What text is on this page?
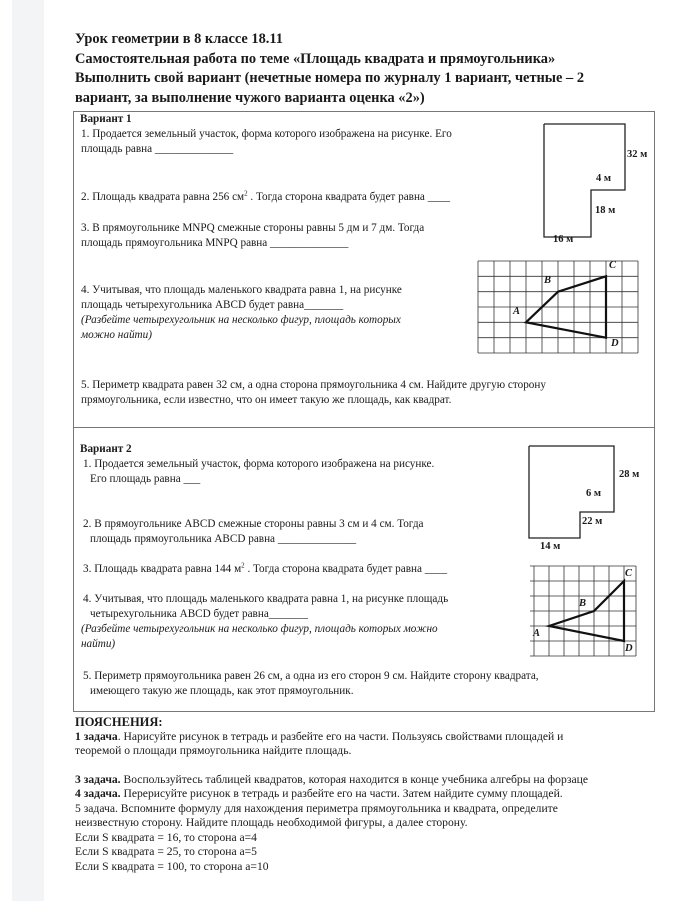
Урок геометрии в 8 классе 18.11
Самостоятельная работа по теме «Площадь квадрата и прямоугольника»
Выполнить свой вариант (нечетные номера по журналу 1 вариант, четные – 2
вариант, за выполнение чужого варианта оценка «2»)
Вариант 1
1. Продается земельный участок, форма которого изображена на рисунке. Его
площадь равна ______________
2. Площадь квадрата равна 256 $см^2$ . Тогда сторона квадрата будет равна ____
3. В прямоугольнике MNPQ смежные стороны равны 5 дм и 7 дм. Тогда
площадь прямоугольника MNPQ равна ______________
4. Учитывая, что площадь маленького квадрата равна 1, на рисунке
площадь четырехугольника ABCD будет равна_______
(Разбейте четырехугольник на несколько фигур, площадь которых
можно найти)
5. Периметр квадрата равен 32 см, а одна сторона прямоугольника 4 см. Найдите другую сторону
прямоугольника, если известно, что он имеет такую же площадь, как квадрат.
32 м
4 м
18 м
16 м
C
B
A
D
Вариант 2
1. Продается земельный участок, форма которого изображена на рисунке.
Его площадь равна ___
2. В прямоугольнике ABCD смежные стороны равны 3 см и 4 см. Тогда
площадь прямоугольника ABCD равна ______________
3. Площадь квадрата равна 144 $м^2$ . Тогда сторона квадрата будет равна ____
4. Учитывая, что площадь маленького квадрата равна 1, на рисунке площадь
четырехугольника ABCD будет равна_______
(Разбейте четырехугольник на несколько фигур, площадь которых можно
найти)
5. Периметр прямоугольника равен 26 см, а одна из его сторон 9 см. Найдите сторону квадрата,
имеющего такую же площадь, как этот прямоугольник.
28 м
6 м
22 м
14 м
C
B
A
D
ПОЯСНЕНИЯ:
1 задача. Нарисуйте рисунок в тетрадь и разбейте его на части. Пользуясь свойствами площадей и
теоремой о площади прямоугольника найдите площадь.
3 задача. Воспользуйтесь таблицей квадратов, которая находится в конце учебника алгебры на форзаце
4 задача. Перерисуйте рисунок в тетрадь и разбейте его на части. Затем найдите сумму площадей.
5 задача. Вспомните формулу для нахождения периметра прямоугольника и квадрата, определите
неизвестную сторону. Найдите площадь необходимой фигуры, а далее сторону.
Если S квадрата = 16, то сторона а=4
Если S квадрата = 25, то сторона а=5
Если S квадрата = 100, то сторона а=10
